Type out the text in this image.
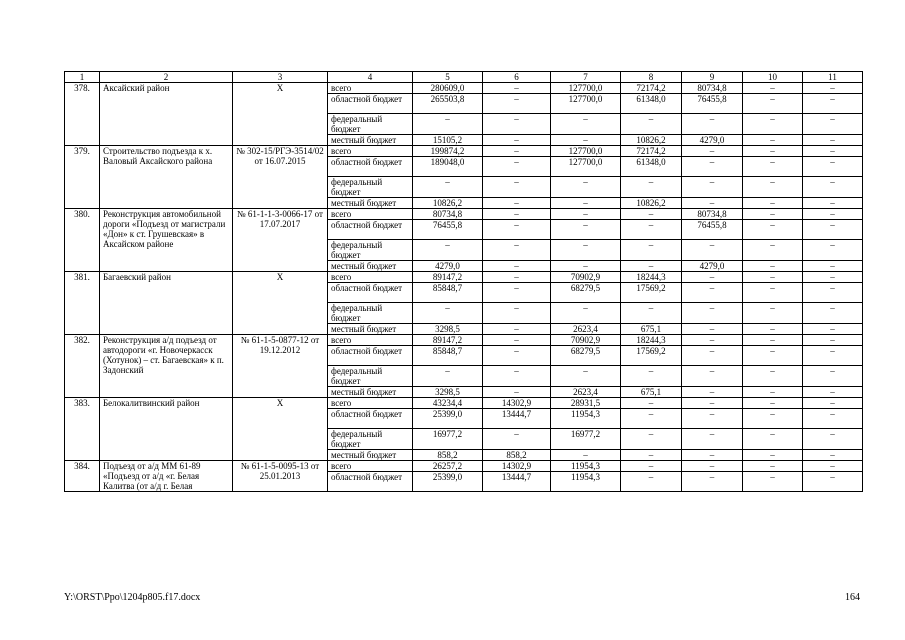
1	2	3	4	5	6	7	8	9	10	11
378.	Аксайский район	Х	всего	280609,0	–	127700,0	72174,2	80734,8	–	–
			областной бюджет	265503,8	–	127700,0	61348,0	76455,8	–	–
			федеральный бюджет	–	–	–	–	–	–	–
			местный бюджет	15105,2	–	–	10826,2	4279,0	–	–
379.	Строительство подъезда к х. Валовый Аксайского района	№ 302-15/РГЭ-3514/02 от 16.07.2015	всего	199874,2	–	127700,0	72174,2	–	–	–
			областной бюджет	189048,0	–	127700,0	61348,0	–	–	–
			федеральный бюджет	–	–	–	–	–	–	–
			местный бюджет	10826,2	–	–	10826,2	–	–	–
380.	Реконструкция автомобильной дороги «Подъезд от магистрали «Дон» к ст. Грушевская» в Аксайском районе	№ 61-1-1-3-0066-17 от 17.07.2017	всего	80734,8	–	–	–	80734,8	–	–
			областной бюджет	76455,8	–	–	–	76455,8	–	–
			федеральный бюджет	–	–	–	–	–	–	–
			местный бюджет	4279,0	–	–	–	4279,0	–	–
381.	Багаевский район	Х	всего	89147,2	–	70902,9	18244,3	–	–	–
			областной бюджет	85848,7	–	68279,5	17569,2	–	–	–
			федеральный бюджет	–	–	–	–	–	–	–
			местный бюджет	3298,5	–	2623,4	675,1	–	–	–
382.	Реконструкция а/д подъезд от автодороги «г. Новочеркасск (Хотунок) – ст. Багаевская» к п. Задонский	№ 61-1-5-0877-12 от 19.12.2012	всего	89147,2	–	70902,9	18244,3	–	–	–
			областной бюджет	85848,7	–	68279,5	17569,2	–	–	–
			федеральный бюджет	–	–	–	–	–	–	–
			местный бюджет	3298,5	–	2623,4	675,1	–	–	–
383.	Белокалитвинский район	Х	всего	43234,4	14302,9	28931,5	–	–	–	–
			областной бюджет	25399,0	13444,7	11954,3	–	–	–	–
			федеральный бюджет	16977,2	–	16977,2	–	–	–	–
			местный бюджет	858,2	858,2	–	–	–	–	–
384.	Подъезд от а/д ММ 61-89 «Подъезд от а/д «г. Белая Калитва (от а/д г. Белая	№ 61-1-5-0095-13 от 25.01.2013	всего	26257,2	14302,9	11954,3	–	–	–	–
			областной бюджет	25399,0	13444,7	11954,3	–	–	–	–
Y:\ORST\Ppo\1204p805.f17.docx	164
